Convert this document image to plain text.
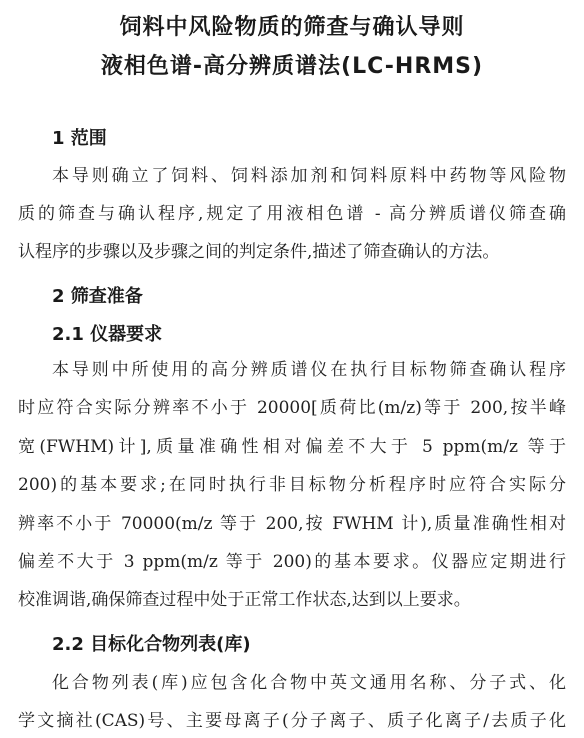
饲料中风险物质的筛查与确认导则
液相色谱-高分辨质谱法(LC-HRMS)
1 范围
本导则确立了饲料、饲料添加剂和饲料原料中药物等风险物
质的筛查与确认程序,规定了用液相色谱 - 高分辨质谱仪筛查确
认程序的步骤以及步骤之间的判定条件,描述了筛查确认的方法。
2 筛查准备
2.1 仪器要求
本导则中所使用的高分辨质谱仪在执行目标物筛查确认程序
时应符合实际分辨率不小于 20000[质荷比(m/z)等于 200,按半峰
宽(FWHM)计],质量准确性相对偏差不大于 5 ppm(m/z 等于
200)的基本要求;在同时执行非目标物分析程序时应符合实际分
辨率不小于 70000(m/z 等于 200,按 FWHM 计),质量准确性相对
偏差不大于 3 ppm(m/z 等于 200)的基本要求。仪器应定期进行
校准调谐,确保筛查过程中处于正常工作状态,达到以上要求。
2.2 目标化合物列表(库)
化合物列表(库)应包含化合物中英文通用名称、分子式、化
学文摘社(CAS)号、主要母离子(分子离子、质子化离子/去质子化
